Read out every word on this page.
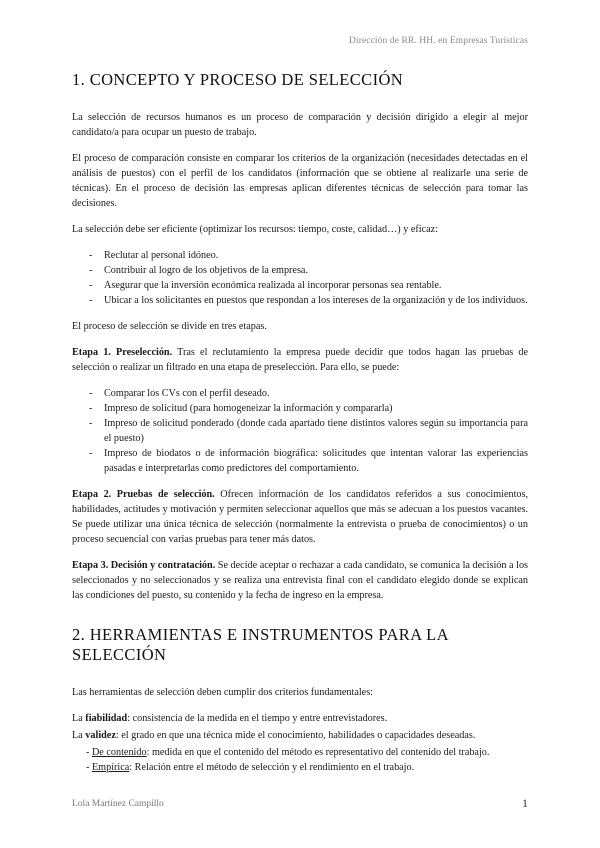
Dirección de RR. HH. en Empresas Turísticas
1. CONCEPTO Y PROCESO DE SELECCIÓN

La selección de recursos humanos es un proceso de comparación y decisión dirigido a elegir al mejor candidato/a para ocupar un puesto de trabajo.

El proceso de comparación consiste en comparar los criterios de la organización (necesidades detectadas en el análisis de puestos) con el perfil de los candidatos (información que se obtiene al realizarle una serie de técnicas). En el proceso de decisión las empresas aplican diferentes técnicas de selección para tomar las decisiones.

La selección debe ser eficiente (optimizar los recursos: tiempo, coste, calidad…) y eficaz:

- Reclutar al personal idóneo.
- Contribuir al logro de los objetivos de la empresa.
- Asegurar que la inversión económica realizada al incorporar personas sea rentable.
- Ubicar a los solicitantes en puestos que respondan a los intereses de la organización y de los individuos.

El proceso de selección se divide en tres etapas.

Etapa 1. Preselección. Tras el reclutamiento la empresa puede decidir que todos hagan las pruebas de selección o realizar un filtrado en una etapa de preselección. Para ello, se puede:

- Comparar los CVs con el perfil deseado.
- Impreso de solicitud (para homogeneizar la información y compararla)
- Impreso de solicitud ponderado (donde cada apartado tiene distintos valores según su importancia para el puesto)
- Impreso de biodatos o de información biográfica: solicitudes que intentan valorar las experiencias pasadas e interpretarlas como predictores del comportamiento.

Etapa 2. Pruebas de selección. Ofrecen información de los candidatos referidos a sus conocimientos, habilidades, actitudes y motivación y permiten seleccionar aquellos que más se adecuan a los puestos vacantes. Se puede utilizar una única técnica de selección (normalmente la entrevista o prueba de conocimientos) o un proceso secuencial con varias pruebas para tener más datos.

Etapa 3. Decisión y contratación. Se decide aceptar o rechazar a cada candidato, se comunica la decisión a los seleccionados y no seleccionados y se realiza una entrevista final con el candidato elegido donde se explican las condiciones del puesto, su contenido y la fecha de ingreso en la empresa.

2. HERRAMIENTAS E INSTRUMENTOS PARA LA SELECCIÓN

Las herramientas de selección deben cumplir dos criterios fundamentales:

La fiabilidad: consistencia de la medida en el tiempo y entre entrevistadores.

La validez: el grado en que una técnica mide el conocimiento, habilidades o capacidades deseadas.

- De contenido: medida en que el contenido del método es representativo del contenido del trabajo.
- Empírica: Relación entre el método de selección y el rendimiento en el trabajo.
Lola Martínez Campillo	1
